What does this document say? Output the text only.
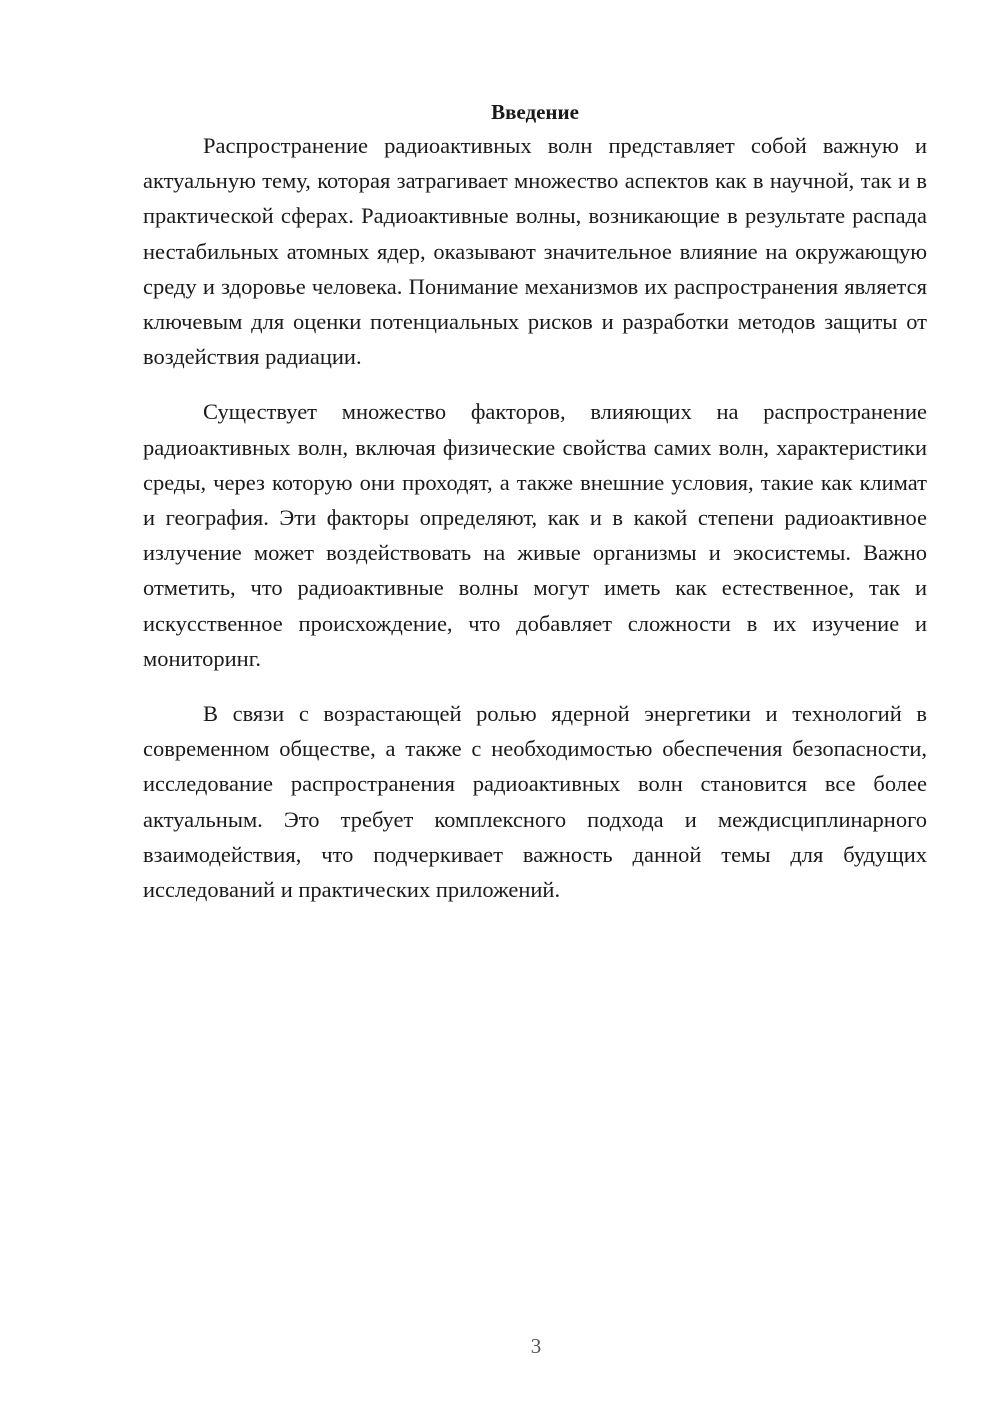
Введение

Распространение радиоактивных волн представляет собой важную и актуальную тему, которая затрагивает множество аспектов как в научной, так и в практической сферах. Радиоактивные волны, возникающие в результате распада нестабильных атомных ядер, оказывают значительное влияние на окружающую среду и здоровье человека. Понимание механизмов их распространения является ключевым для оценки потенциальных рисков и разработки методов защиты от воздействия радиации.

Существует множество факторов, влияющих на распространение радиоактивных волн, включая физические свойства самих волн, характеристики среды, через которую они проходят, а также внешние условия, такие как климат и география. Эти факторы определяют, как и в какой степени радиоактивное излучение может воздействовать на живые организмы и экосистемы. Важно отметить, что радиоактивные волны могут иметь как естественное, так и искусственное происхождение, что добавляет сложности в их изучение и мониторинг.

В связи с возрастающей ролью ядерной энергетики и технологий в современном обществе, а также с необходимостью обеспечения безопасности, исследование распространения радиоактивных волн становится все более актуальным. Это требует комплексного подхода и междисциплинарного взаимодействия, что подчеркивает важность данной темы для будущих исследований и практических приложений.

3
